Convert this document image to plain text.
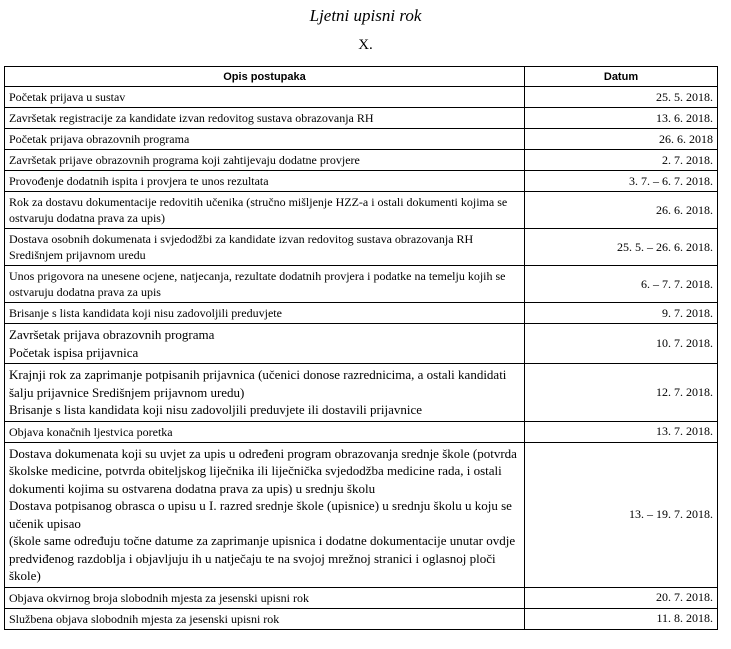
Ljetni upisni rok
X.
Opis postupaka	Datum

Početak prijava u sustav	25. 5. 2018.

Završetak registracije za kandidate izvan redovitog sustava obrazovanja RH	13. 6. 2018.

Početak prijava obrazovnih programa	26. 6. 2018

Završetak prijave obrazovnih programa koji zahtijevaju dodatne provjere	2. 7. 2018.

Provođenje dodatnih ispita i provjera te unos rezultata	3. 7. – 6. 7. 2018.

Rok za dostavu dokumentacije redovitih učenika (stručno mišljenje HZZ-a i ostali dokumenti kojima se ostvaruju dodatna prava za upis)	26. 6. 2018.

Dostava osobnih dokumenata i svjedodžbi za kandidate izvan redovitog sustava obrazovanja RH Središnjem prijavnom uredu	25. 5. – 26. 6. 2018.

Unos prigovora na unesene ocjene, natjecanja, rezultate dodatnih provjera i podatke na temelju kojih se ostvaruju dodatna prava za upis	6. – 7. 7. 2018.

Brisanje s lista kandidata koji nisu zadovoljili preduvjete	9. 7. 2018.

Završetak prijava obrazovnih programa
Početak ispisa prijavnica	10. 7. 2018.

Krajnji rok za zaprimanje potpisanih prijavnica (učenici donose razrednicima, a ostali kandidati šalju prijavnice Središnjem prijavnom uredu)
Brisanje s lista kandidata koji nisu zadovoljili preduvjete ili dostavili prijavnice	12. 7. 2018.

Objava konačnih ljestvica poretka	13. 7. 2018.

Dostava dokumenata koji su uvjet za upis u određeni program obrazovanja srednje škole (potvrda školske medicine, potvrda obiteljskog liječnika ili liječnička svjedodžba medicine rada, i ostali dokumenti kojima su ostvarena dodatna prava za upis) u srednju školu
Dostava potpisanog obrasca o upisu u I. razred srednje škole (upisnice) u srednju školu u koju se učenik upisao
(škole same određuju točne datume za zaprimanje upisnica i dodatne dokumentacije unutar ovdje predviđenog razdoblja i objavljuju ih u natječaju te na svojoj mrežnoj stranici i oglasnoj ploči škole)	13. – 19. 7. 2018.

Objava okvirnog broja slobodnih mjesta za jesenski upisni rok	20. 7. 2018.

Službena objava slobodnih mjesta za jesenski upisni rok	11. 8. 2018.
